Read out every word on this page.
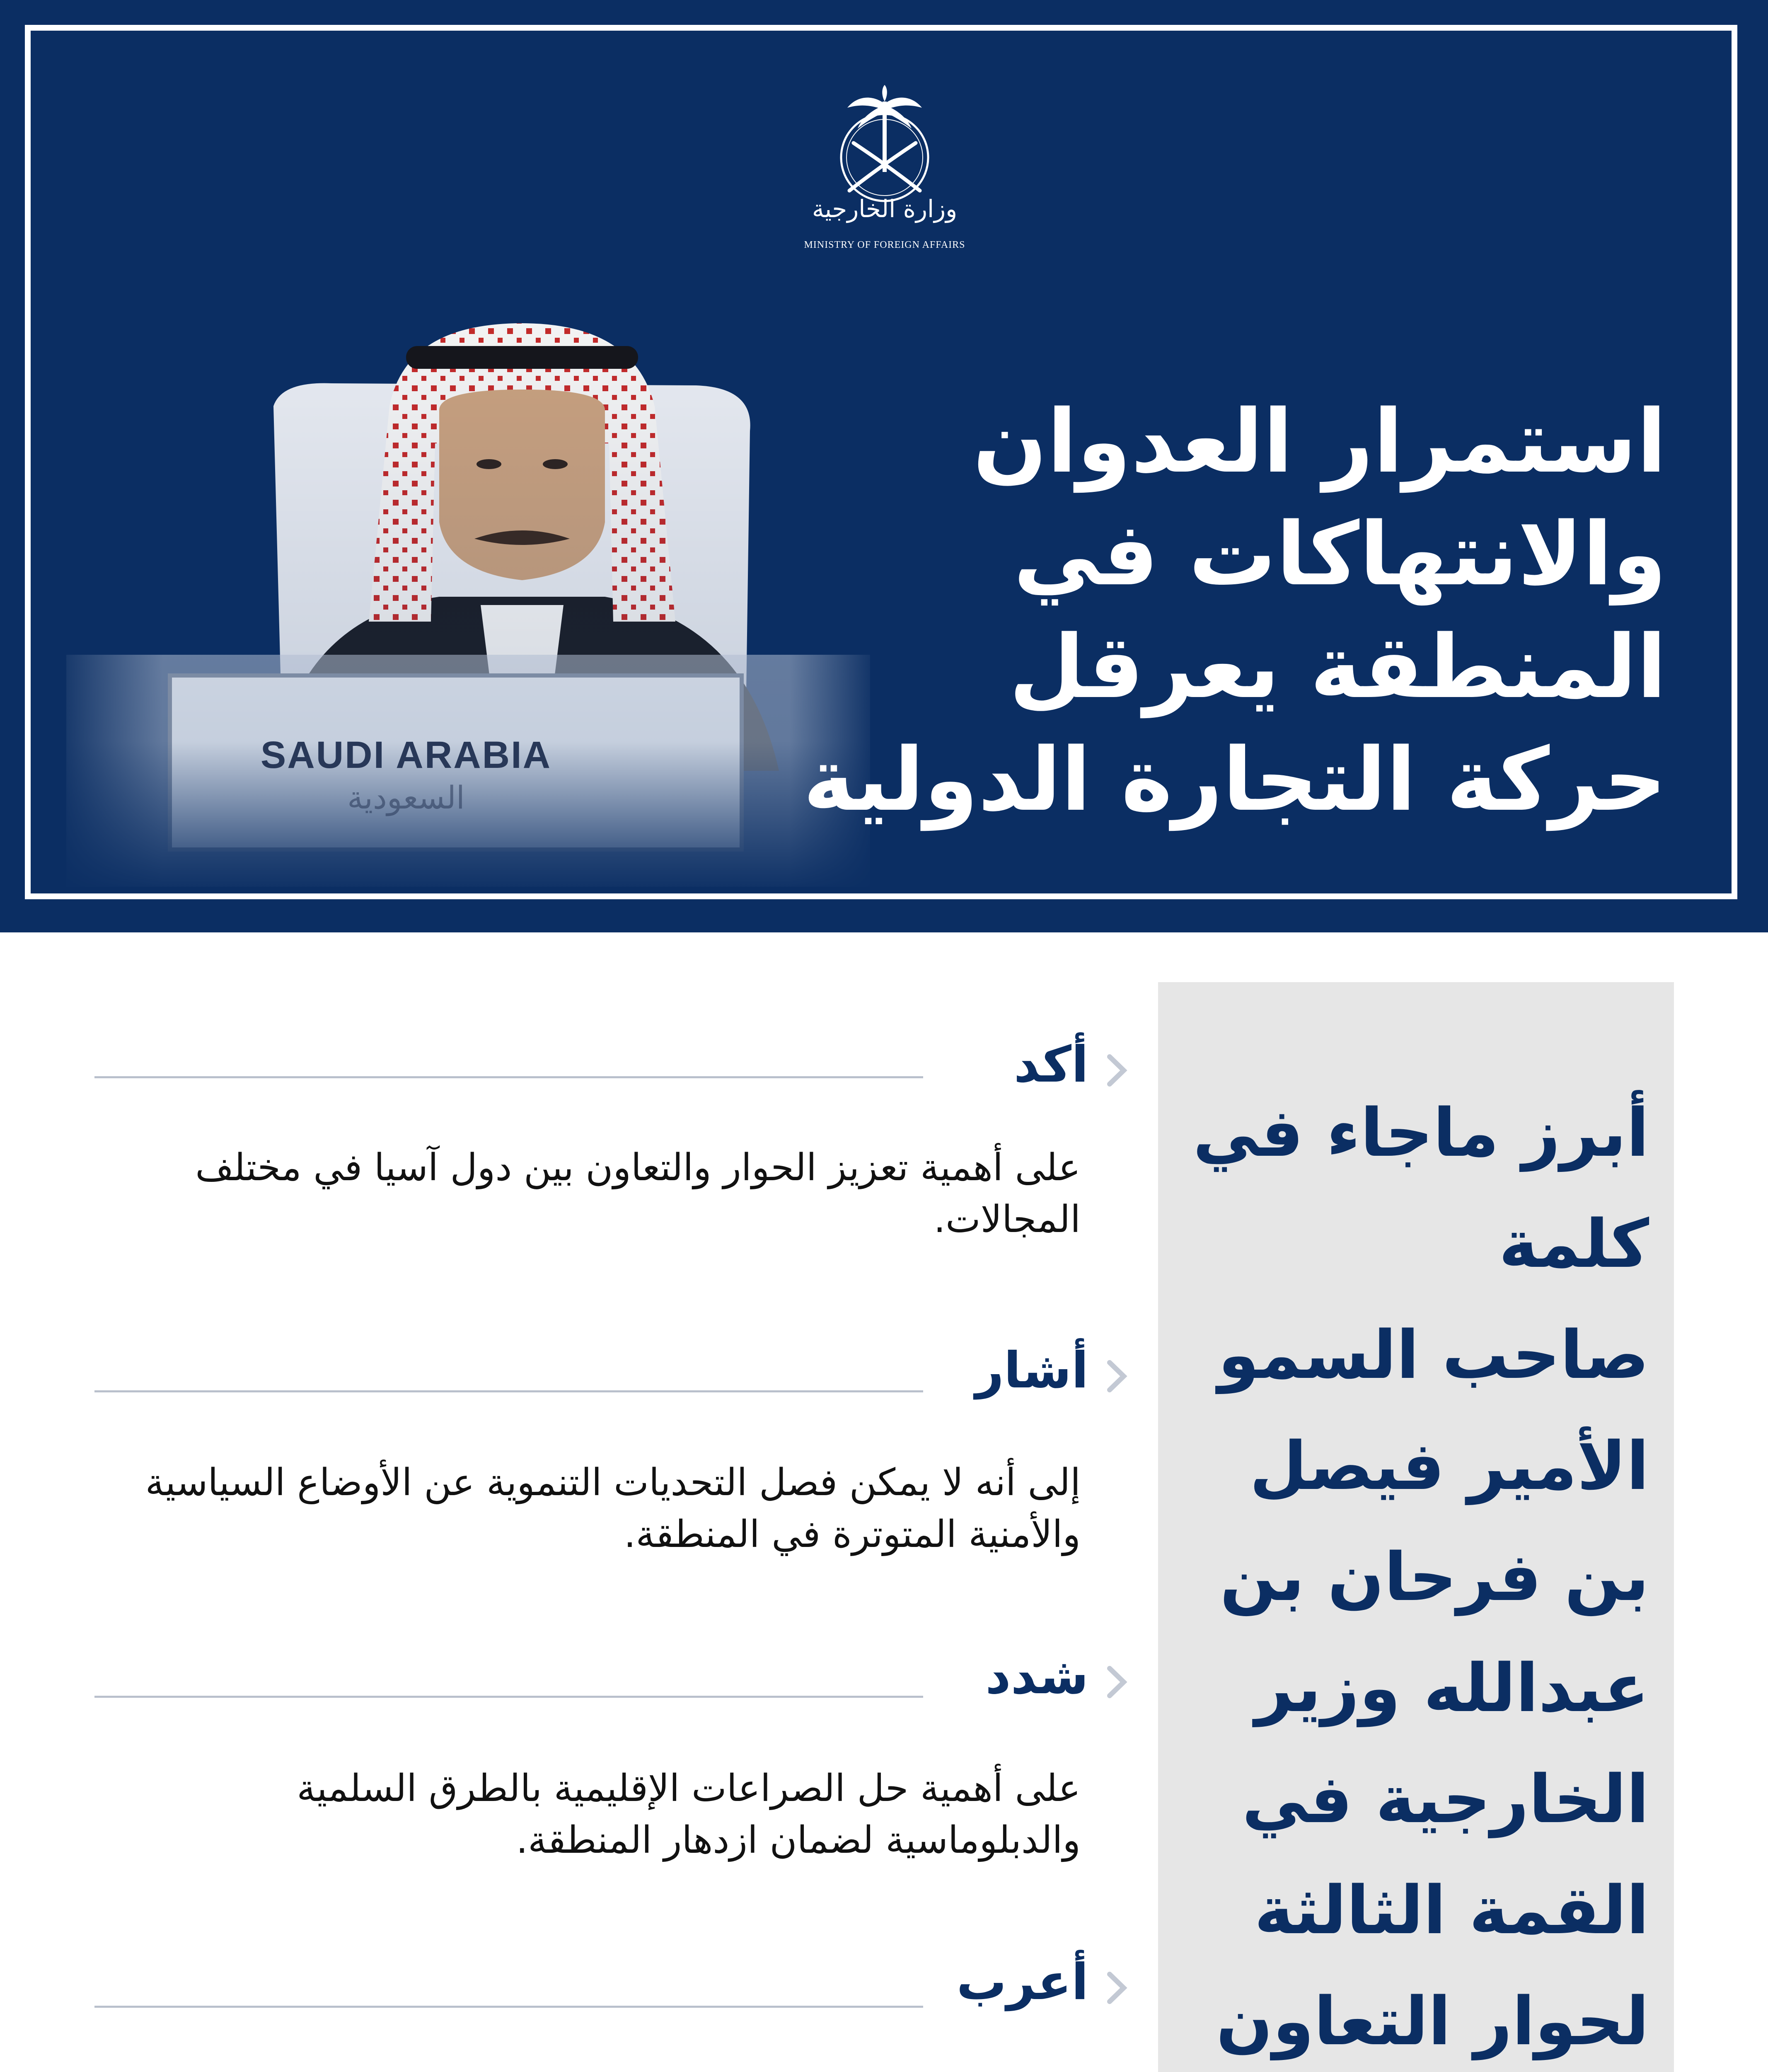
وزارة الخارجية
MINISTRY OF FOREIGN AFFAIRS
SAUDI ARABIA
السعودية
استمرار العدوان
والانتهاكات في
المنطقة يعرقل
حركة التجارة الدولية
أبرز ماجاء في
كلمة
صاحب السمو
الأمير فيصل
بن فرحان بن
عبدالله وزير
الخارجية في
القمة الثالثة
لحوار التعاون
أكد
على أهمية تعزيز الحوار والتعاون بين دول آسيا في مختلف المجالات.
أشار
إلى أنه لا يمكن فصل التحديات التنموية عن الأوضاع السياسية والأمنية المتوترة في المنطقة.
شدد
على أهمية حل الصراعات الإقليمية بالطرق السلمية والدبلوماسية لضمان ازدهار المنطقة.
أعرب
